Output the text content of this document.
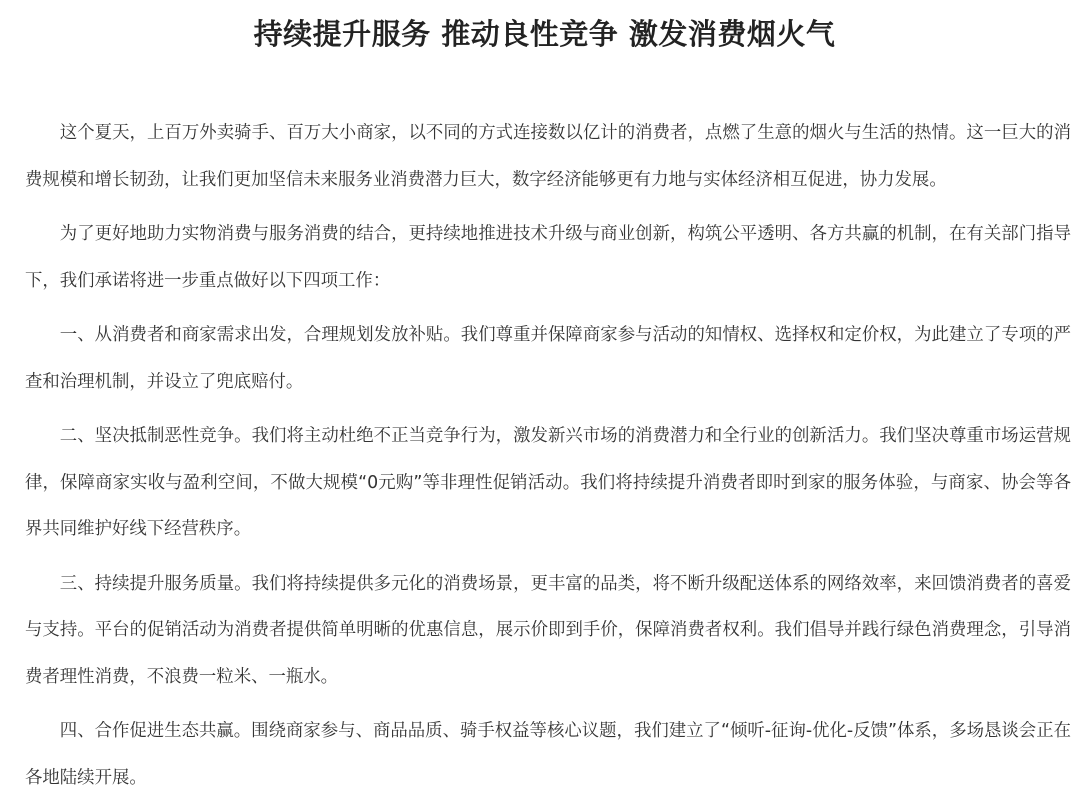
持续提升服务 推动良性竞争 激发消费烟火气

这个夏天，上百万外卖骑手、百万大小商家，以不同的方式连接数以亿计的消费者，点燃了生意的烟火与生活的热情。这一巨大的消费规模和增长韧劲，让我们更加坚信未来服务业消费潜力巨大，数字经济能够更有力地与实体经济相互促进，协力发展。

为了更好地助力实物消费与服务消费的结合，更持续地推进技术升级与商业创新，构筑公平透明、各方共赢的机制，在有关部门指导下，我们承诺将进一步重点做好以下四项工作：

一、从消费者和商家需求出发，合理规划发放补贴。我们尊重并保障商家参与活动的知情权、选择权和定价权，为此建立了专项的严查和治理机制，并设立了兜底赔付。

二、坚决抵制恶性竞争。我们将主动杜绝不正当竞争行为，激发新兴市场的消费潜力和全行业的创新活力。我们坚决尊重市场运营规律，保障商家实收与盈利空间，不做大规模“0元购”等非理性促销活动。我们将持续提升消费者即时到家的服务体验，与商家、协会等各界共同维护好线下经营秩序。

三、持续提升服务质量。我们将持续提供多元化的消费场景，更丰富的品类，将不断升级配送体系的网络效率，来回馈消费者的喜爱与支持。平台的促销活动为消费者提供简单明晰的优惠信息，展示价即到手价，保障消费者权利。我们倡导并践行绿色消费理念，引导消费者理性消费，不浪费一粒米、一瓶水。

四、合作促进生态共赢。围绕商家参与、商品品质、骑手权益等核心议题，我们建立了“倾听-征询-优化-反馈”体系，多场恳谈会正在各地陆续开展。
